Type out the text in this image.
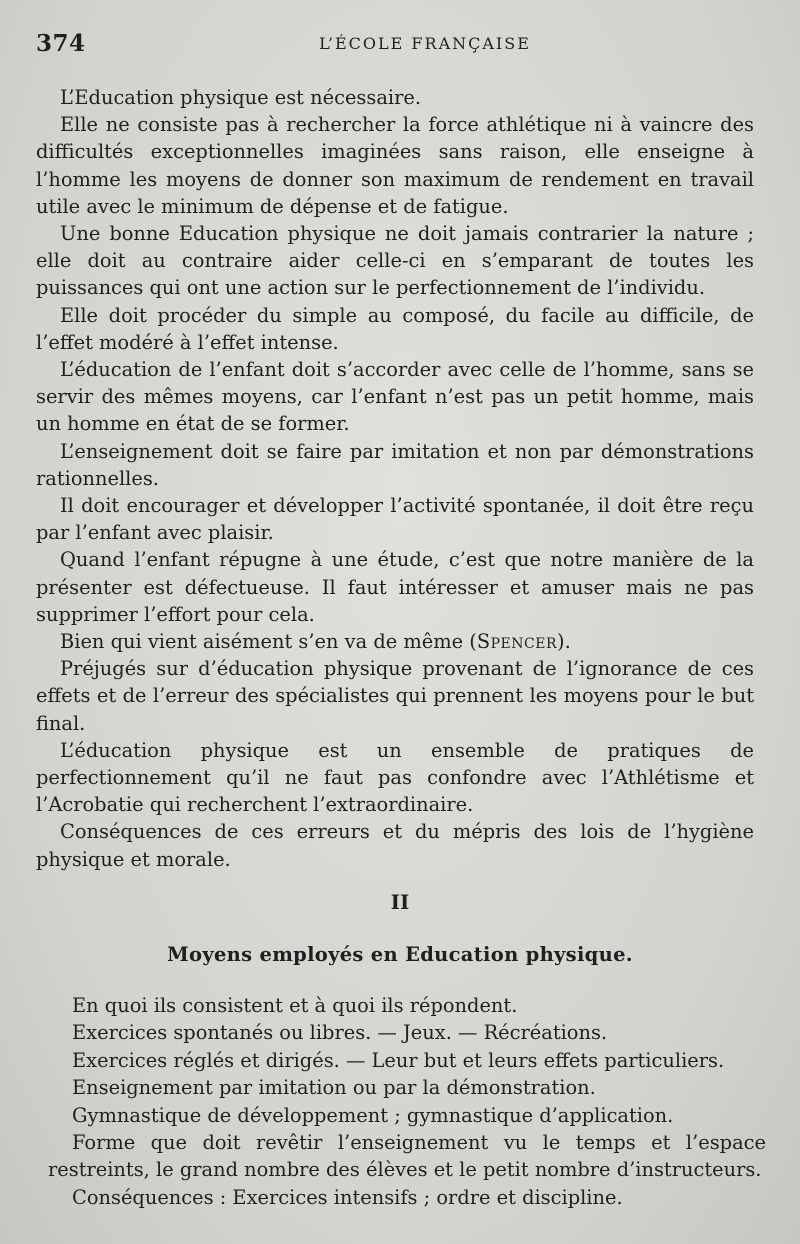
374	L’ÉCOLE FRANÇAISE

L’Education physique est nécessaire.

Elle ne consiste pas à rechercher la force athlétique ni à vaincre des difficultés exceptionnelles imaginées sans raison, elle enseigne à l’homme les moyens de donner son maximum de rendement en travail utile avec le minimum de dépense et de fatigue.

Une bonne Education physique ne doit jamais contrarier la nature ; elle doit au contraire aider celle-ci en s’emparant de toutes les puissances qui ont une action sur le perfectionnement de l’individu.

Elle doit procéder du simple au composé, du facile au difficile, de l’effet modéré à l’effet intense.

L’éducation de l’enfant doit s’accorder avec celle de l’homme, sans se servir des mêmes moyens, car l’enfant n’est pas un petit homme, mais un homme en état de se former.

L’enseignement doit se faire par imitation et non par démonstrations rationnelles.

Il doit encourager et développer l’activité spontanée, il doit être reçu par l’enfant avec plaisir.

Quand l’enfant répugne à une étude, c’est que notre manière de la présenter est défectueuse. Il faut intéresser et amuser mais ne pas supprimer l’effort pour cela.

Bien qui vient aisément s’en va de même (Spencer).

Préjugés sur d’éducation physique provenant de l’ignorance de ces effets et de l’erreur des spécialistes qui prennent les moyens pour le but final.

L’éducation physique est un ensemble de pratiques de perfectionnement qu’il ne faut pas confondre avec l’Athlétisme et l’Acrobatie qui recherchent l’extraordinaire.

Conséquences de ces erreurs et du mépris des lois de l’hygiène physique et morale.

II
Moyens employés en Education physique.

En quoi ils consistent et à quoi ils répondent.

Exercices spontanés ou libres. — Jeux. — Récréations.

Exercices réglés et dirigés. — Leur but et leurs effets particuliers.

Enseignement par imitation ou par la démonstration.

Gymnastique de développement ; gymnastique d’application.

Forme que doit revêtir l’enseignement vu le temps et l’espace restreints, le grand nombre des élèves et le petit nombre d’instructeurs.

Conséquences : Exercices intensifs ; ordre et discipline.
